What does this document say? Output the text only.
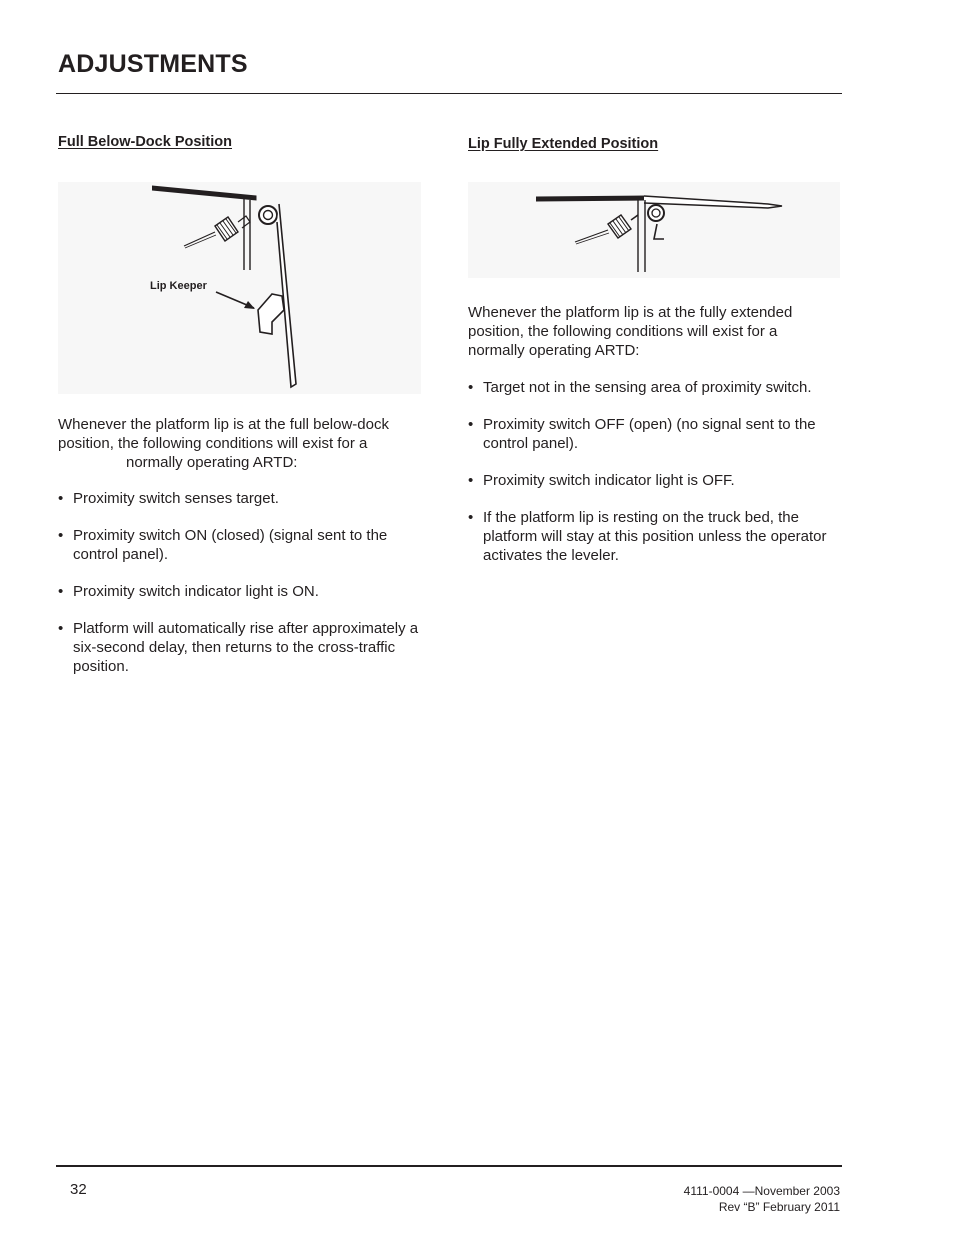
ADJUSTMENTS
Full Below-Dock Position
Lip Keeper
Whenever the platform lip is at the full below-dock
position, the following conditions will exist for a
normally operating ARTD:
• Proximity switch senses target.
• Proximity switch ON (closed) (signal sent to the control panel).
• Proximity switch indicator light is ON.
• Platform will automatically rise after approximately a six-second delay, then returns to the cross-traffic position.
Lip Fully Extended Position
Whenever the platform lip is at the fully extended position, the following conditions will exist for a normally operating ARTD:
• Target not in the sensing area of proximity switch.
• Proximity switch OFF (open) (no signal sent to the control panel).
• Proximity switch indicator light is OFF.
• If the platform lip is resting on the truck bed, the platform will stay at this position unless the operator activates the leveler.
32	4111-0004 —November 2003
Rev “B” February 2011
